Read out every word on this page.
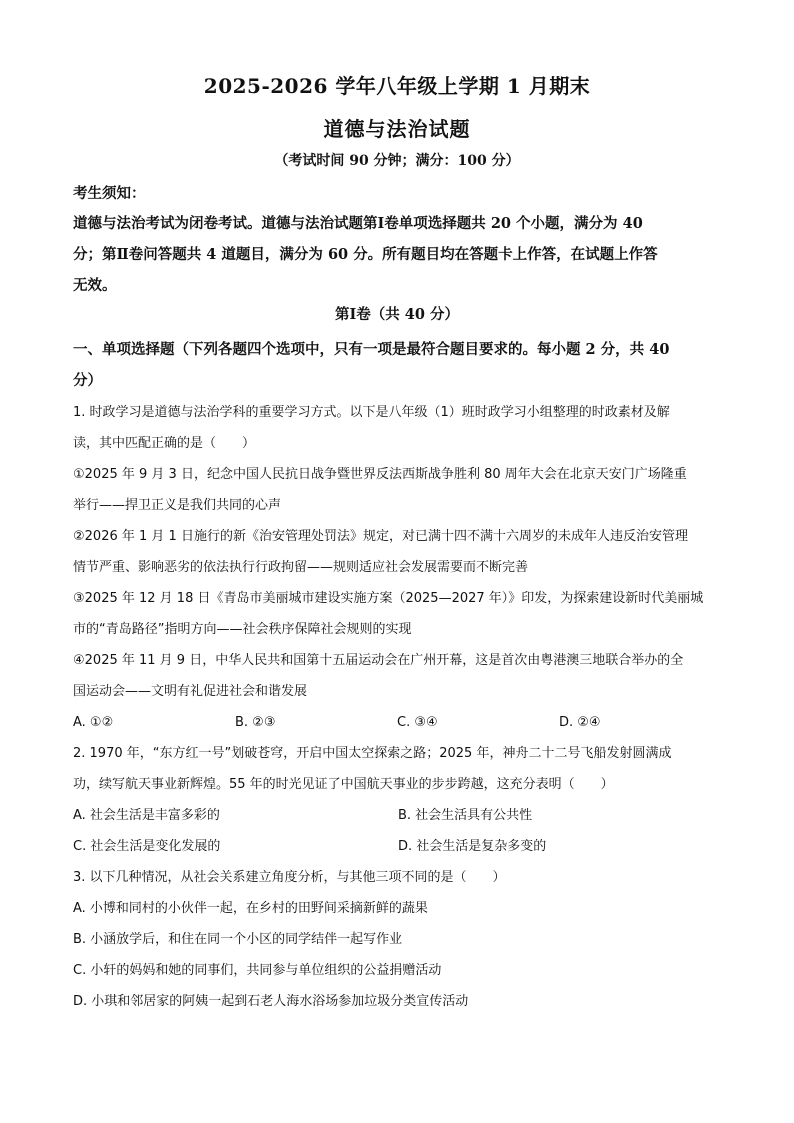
2025-2026 学年八年级上学期 1 月期末
道德与法治试题
（考试时间 90 分钟；满分：100 分）
考生须知：
道德与法治考试为闭卷考试。道德与法治试题第Ⅰ卷单项选择题共 20 个小题，满分为 40
分；第Ⅱ卷问答题共 4 道题目，满分为 60 分。所有题目均在答题卡上作答，在试题上作答
无效。
第Ⅰ卷（共 40 分）
一、单项选择题（下列各题四个选项中，只有一项是最符合题目要求的。每小题 2 分，共 40
分）
1. 时政学习是道德与法治学科的重要学习方式。以下是八年级（1）班时政学习小组整理的时政素材及解
读，其中匹配正确的是（　　）
①2025 年 9 月 3 日，纪念中国人民抗日战争暨世界反法西斯战争胜利 80 周年大会在北京天安门广场隆重
举行——捍卫正义是我们共同的心声
②2026 年 1 月 1 日施行的新《治安管理处罚法》规定，对已满十四不满十六周岁的未成年人违反治安管理
情节严重、影响恶劣的依法执行行政拘留——规则适应社会发展需要而不断完善
③2025 年 12 月 18 日《青岛市美丽城市建设实施方案（2025—2027 年）》印发，为探索建设新时代美丽城
市的“青岛路径”指明方向——社会秩序保障社会规则的实现
④2025 年 11 月 9 日，中华人民共和国第十五届运动会在广州开幕，这是首次由粤港澳三地联合举办的全
国运动会——文明有礼促进社会和谐发展
A. ①②	B. ②③	C. ③④	D. ②④
2. 1970 年，“东方红一号”划破苍穹，开启中国太空探索之路；2025 年，神舟二十二号飞船发射圆满成
功，续写航天事业新辉煌。55 年的时光见证了中国航天事业的步步跨越，这充分表明（　　）
A. 社会生活是丰富多彩的	B. 社会生活具有公共性
C. 社会生活是变化发展的	D. 社会生活是复杂多变的
3. 以下几种情况，从社会关系建立角度分析，与其他三项不同的是（　　）
A. 小博和同村的小伙伴一起，在乡村的田野间采摘新鲜的蔬果
B. 小涵放学后，和住在同一个小区的同学结伴一起写作业
C. 小轩的妈妈和她的同事们，共同参与单位组织的公益捐赠活动
D. 小琪和邻居家的阿姨一起到石老人海水浴场参加垃圾分类宣传活动
